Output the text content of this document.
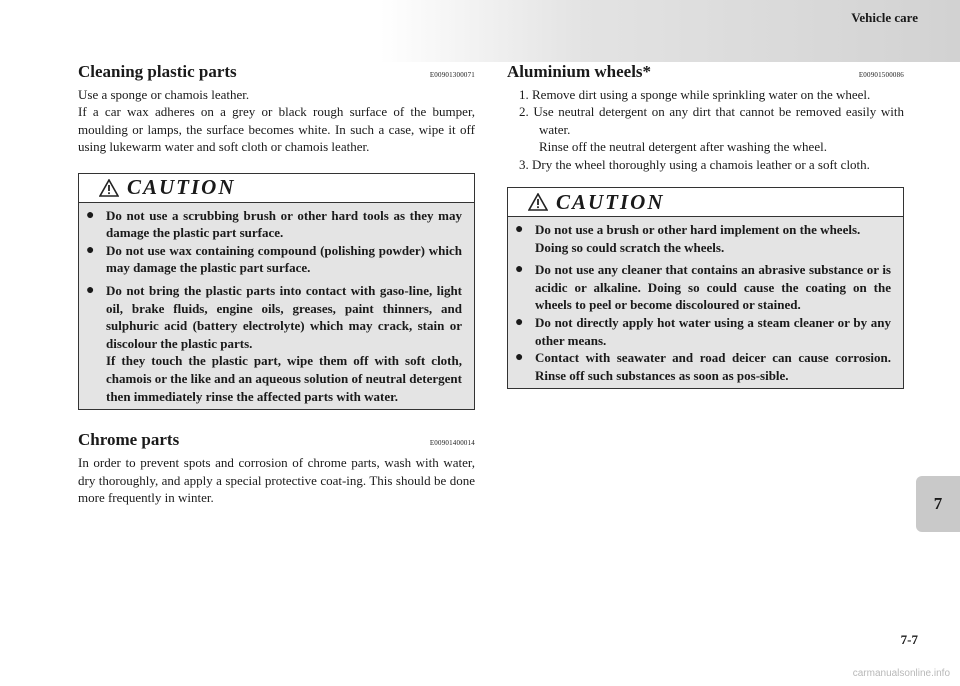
Vehicle care
Cleaning plastic parts	E00901300071

Use a sponge or chamois leather.

If a car wax adheres on a grey or black rough surface of the bumper, moulding or lamps, the surface becomes white. In such a case, wipe it off using lukewarm water and soft cloth or chamois leather.

CAUTION
● Do not use a scrubbing brush or other hard tools as they may damage the plastic part surface.
● Do not use wax containing compound (polishing powder) which may damage the plastic part surface.
● Do not bring the plastic parts into contact with gaso-line, light oil, brake fluids, engine oils, greases, paint thinners, and sulphuric acid (battery electrolyte) which may crack, stain or discolour the plastic parts.
If they touch the plastic part, wipe them off with soft cloth, chamois or the like and an aqueous solution of neutral detergent then immediately rinse the affected parts with water.
Chrome parts	E00901400014

In order to prevent spots and corrosion of chrome parts, wash with water, dry thoroughly, and apply a special protective coat-ing. This should be done more frequently in winter.

Aluminium wheels*	E00901500086
1. Remove dirt using a sponge while sprinkling water on the wheel.
2. Use neutral detergent on any dirt that cannot be removed easily with water.
Rinse off the neutral detergent after washing the wheel.
3. Dry the wheel thoroughly using a chamois leather or a soft cloth.
CAUTION
● Do not use a brush or other hard implement on the wheels.
Doing so could scratch the wheels.
● Do not use any cleaner that contains an abrasive substance or is acidic or alkaline. Doing so could cause the coating on the wheels to peel or become discoloured or stained.
● Do not directly apply hot water using a steam cleaner or by any other means.
● Contact with seawater and road deicer can cause corrosion. Rinse off such substances as soon as pos-sible.
7
7-7
carmanualsonline.info
